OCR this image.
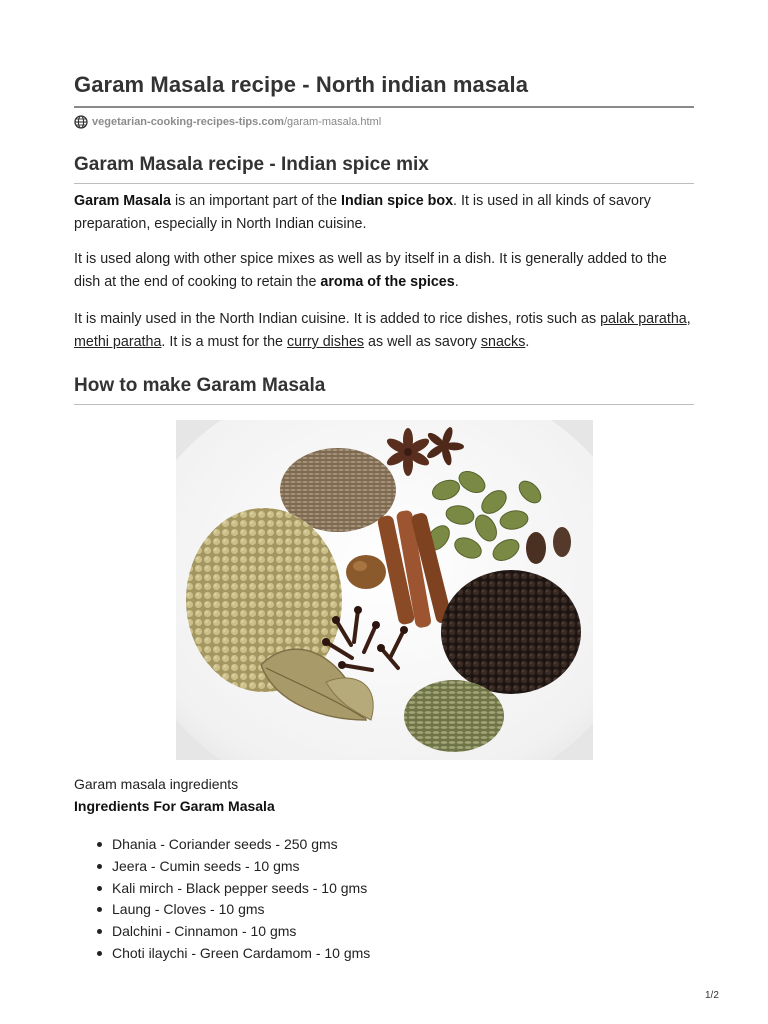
Garam Masala recipe - North indian masala
vegetarian-cooking-recipes-tips.com/garam-masala.html
Garam Masala recipe - Indian spice mix

Garam Masala is an important part of the Indian spice box. It is used in all kinds of savory preparation, especially in North Indian cuisine.

It is used along with other spice mixes as well as by itself in a dish. It is generally added to the dish at the end of cooking to retain the aroma of the spices.

It is mainly used in the North Indian cuisine. It is added to rice dishes, rotis such as palak paratha, methi paratha. It is a must for the curry dishes as well as savory snacks.

How to make Garam Masala
Garam masala ingredients
Ingredients For Garam Masala
Dhania - Coriander seeds - 250 gms
Jeera - Cumin seeds - 10 gms
Kali mirch - Black pepper seeds - 10 gms
Laung - Cloves - 10 gms
Dalchini - Cinnamon - 10 gms
Choti ilaychi - Green Cardamom - 10 gms
1/2
